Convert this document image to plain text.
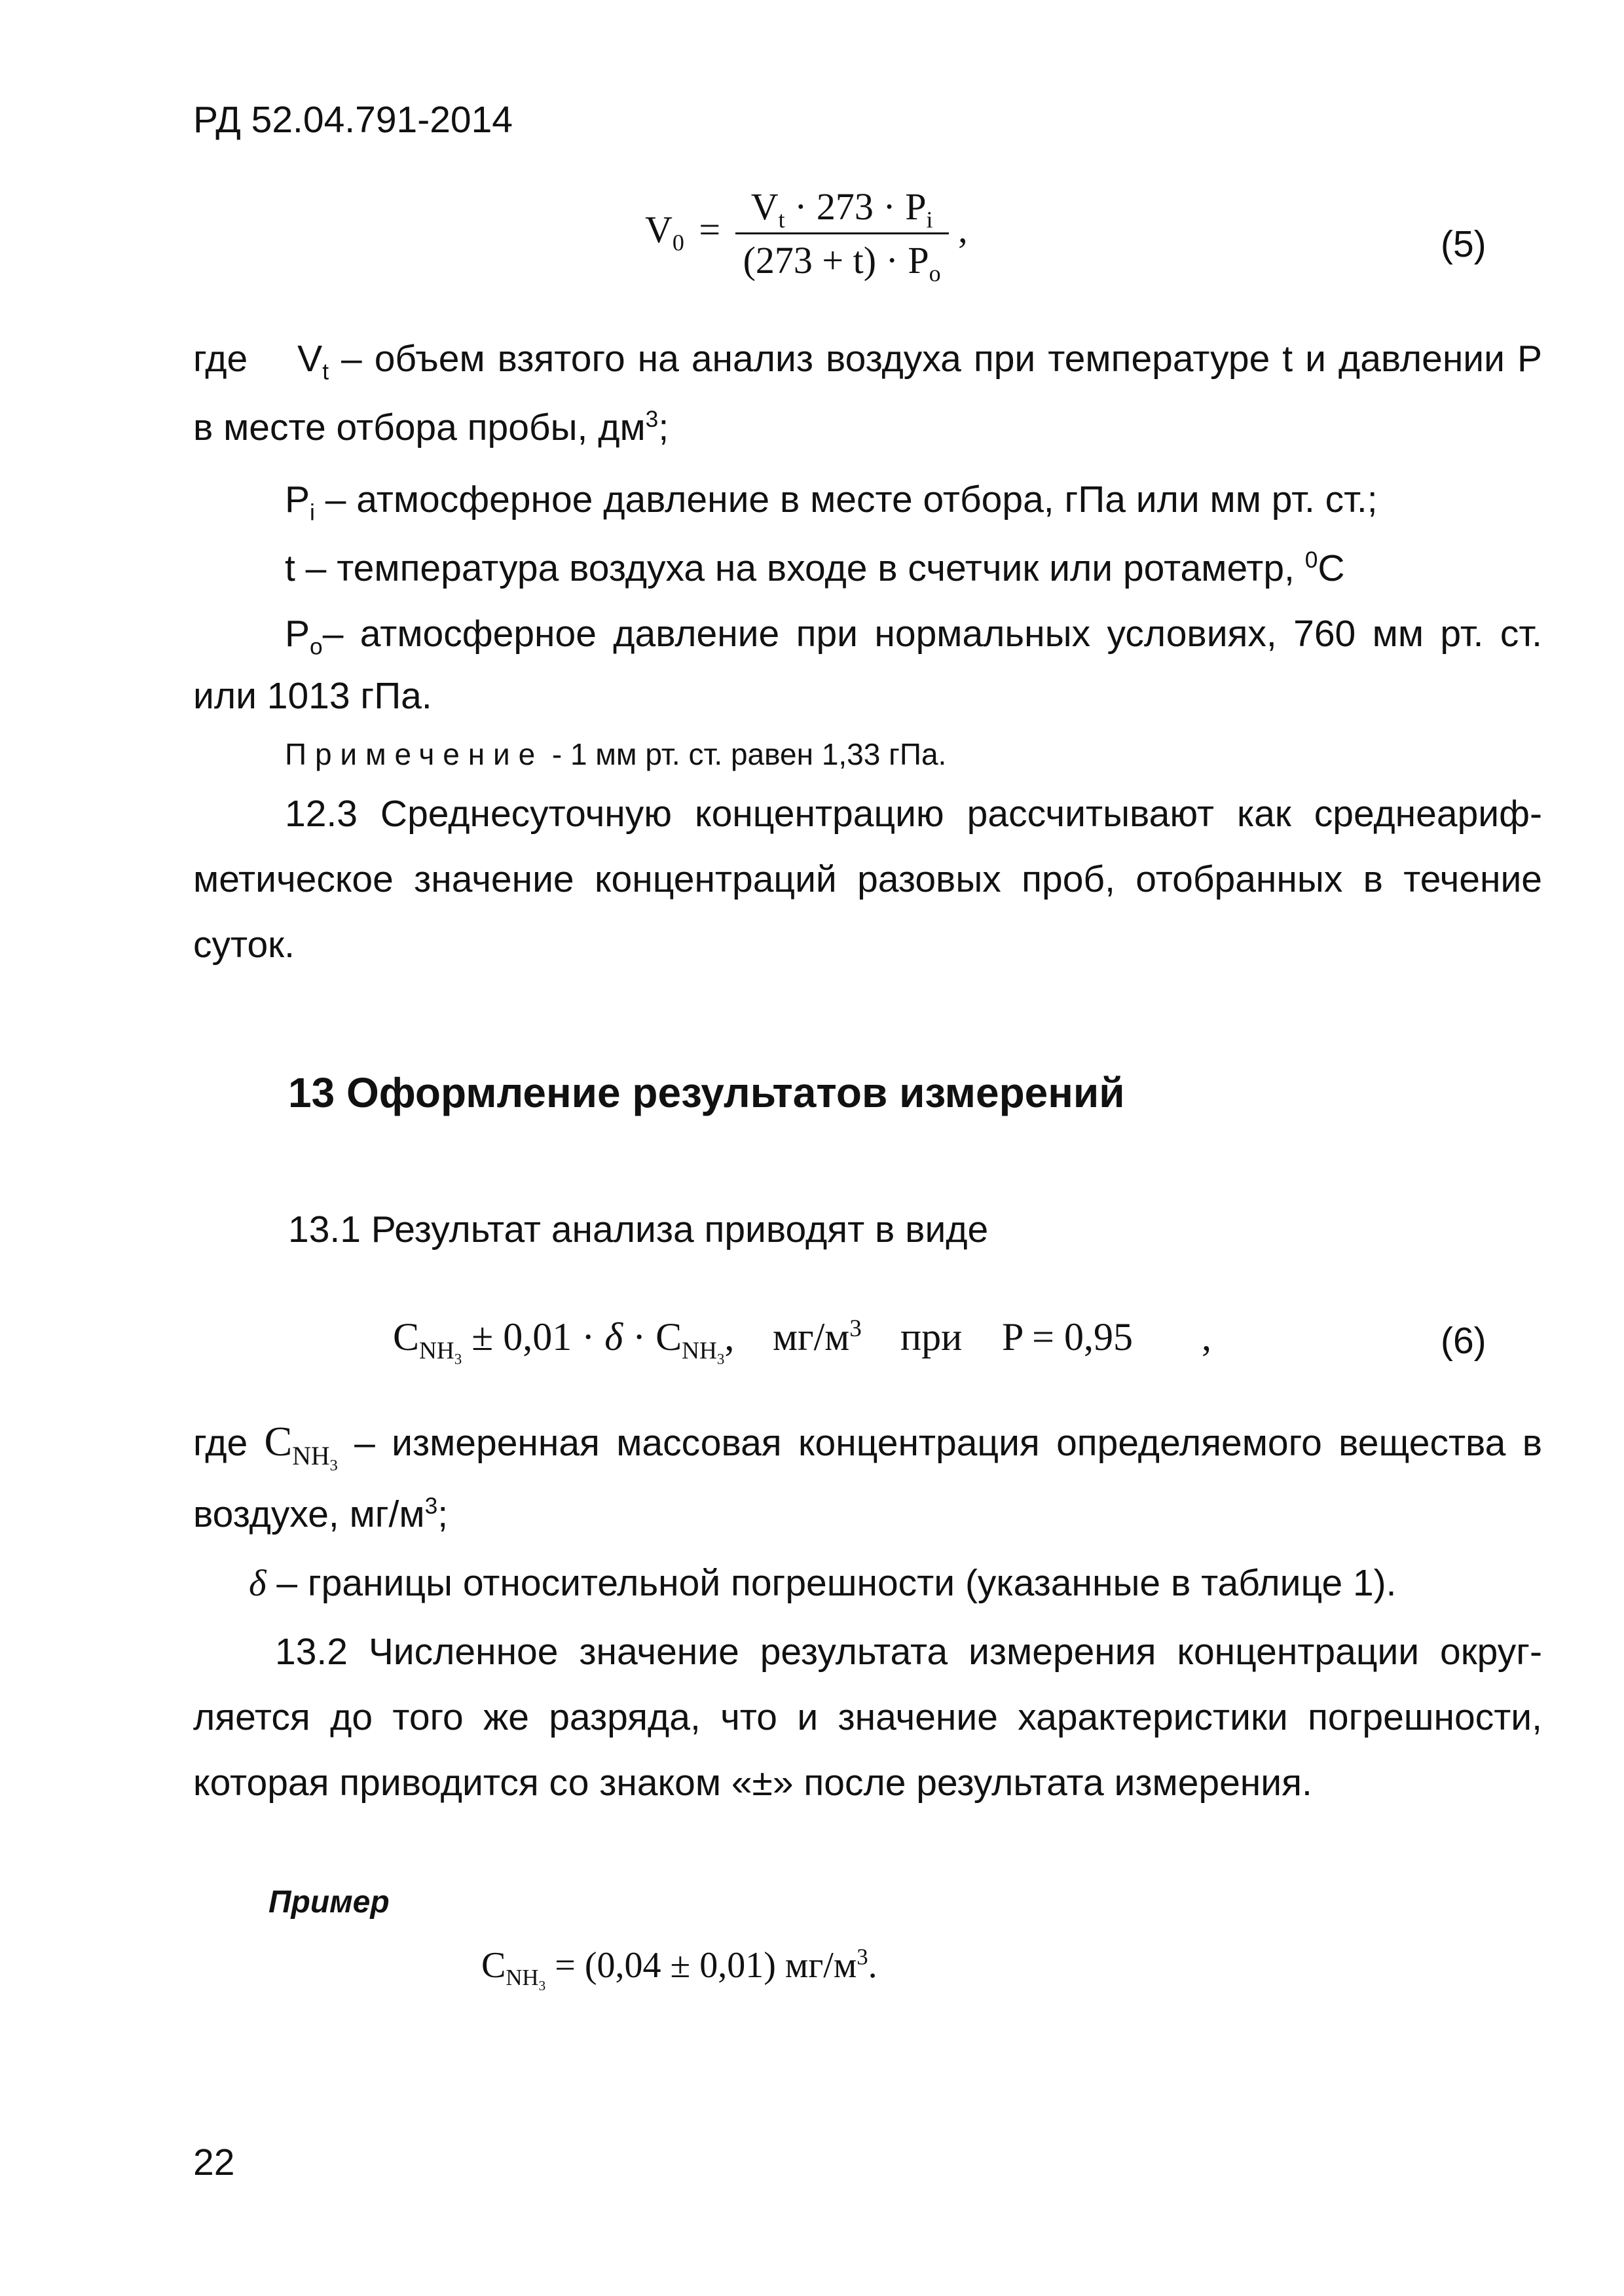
РД 52.04.791-2014
$V_0 = \frac{V_t \cdot 273 \cdot P_i}{(273 + t) \cdot P_o}$ ,	(5)
где $V_t$ – объем взятого на анализ воздуха при температуре t и давлении P
в месте отбора пробы, $дм^3$;
$P_i$ – атмосферное давление в месте отбора, гПа или мм рт. ст.;
t – температура воздуха на входе в счетчик или ротаметр, $^0$С
$P_o-$ атмосферное давление при нормальных условиях, 760 мм рт. ст.
или 1013 гПа.
Примечение - 1 мм рт. ст. равен 1,33 гПа.
12.3 Среднесуточную концентрацию рассчитывают как среднеариф-
метическое значение концентраций разовых проб, отобранных в течение
суток.
13 Оформление результатов измерений
13.1 Результат анализа приводят в виде
$C_{NH_3} \pm 0,01 \cdot \delta \cdot C_{NH_3}$, $мг/м^3$ при P = 0,95 ,	(6)
где $C_{NH_3}$ – измеренная массовая концентрация определяемого вещества в
воздухе, $мг/м^3$;
δ – границы относительной погрешности (указанные в таблице 1).
13.2 Численное значение результата измерения концентрации округ-
ляется до того же разряда, что и значение характеристики погрешности,
которая приводится со знаком «±» после результата измерения.
Пример
$C_{NH_3} = (0,04 \pm 0,01)$ $мг/м^3$.
22
